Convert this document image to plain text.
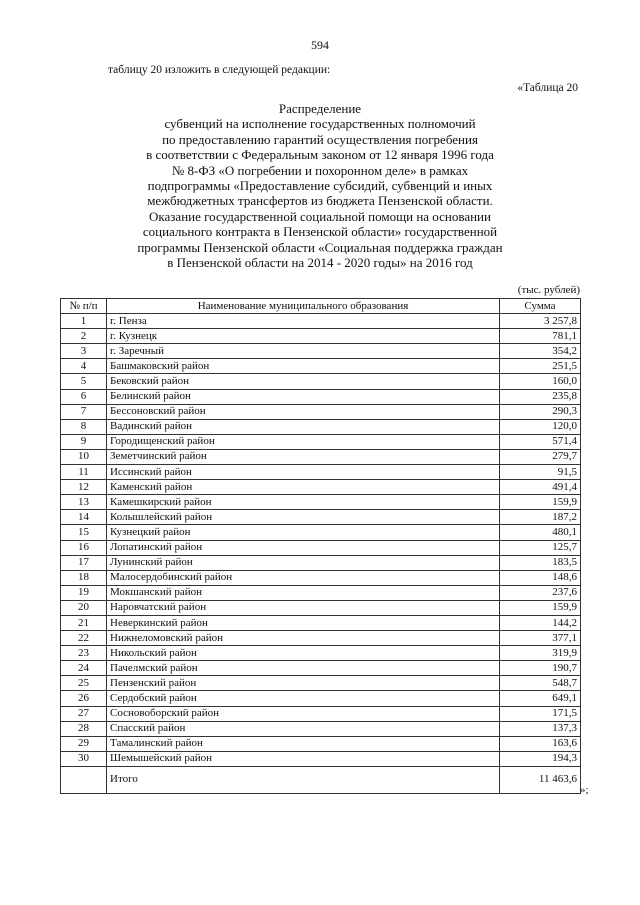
594
таблицу 20 изложить в следующей редакции:
«Таблица 20
Распределение
субвенций на исполнение государственных полномочий
по предоставлению гарантий осуществления погребения
в соответствии с Федеральным законом от 12 января 1996 года
№ 8-ФЗ «О погребении и похоронном деле» в рамках
подпрограммы «Предоставление субсидий, субвенций и иных
межбюджетных трансфертов из бюджета Пензенской области.
Оказание государственной социальной помощи на основании
социального контракта в Пензенской области» государственной
программы Пензенской области «Социальная поддержка граждан
в Пензенской области на 2014 - 2020 годы» на 2016 год
(тыс. рублей)
№ п/п	Наименование муниципального образования	Сумма
1	г. Пенза	3 257,8
2	г. Кузнецк	781,1
3	г. Заречный	354,2
4	Башмаковский район	251,5
5	Бековский район	160,0
6	Белинский район	235,8
7	Бессоновский район	290,3
8	Вадинский район	120,0
9	Городищенский район	571,4
10	Земетчинский район	279,7
11	Иссинский район	91,5
12	Каменский район	491,4
13	Камешкирский район	159,9
14	Колышлейский район	187,2
15	Кузнецкий район	480,1
16	Лопатинский район	125,7
17	Лунинский район	183,5
18	Малосердобинский район	148,6
19	Мокшанский район	237,6
20	Наровчатский район	159,9
21	Неверкинский район	144,2
22	Нижнеломовский район	377,1
23	Никольский район	319,9
24	Пачелмский район	190,7
25	Пензенский район	548,7
26	Сердобский район	649,1
27	Сосновоборский район	171,5
28	Спасский район	137,3
29	Тамалинский район	163,6
30	Шемышейский район	194,3
	Итого	11 463,6
»;
